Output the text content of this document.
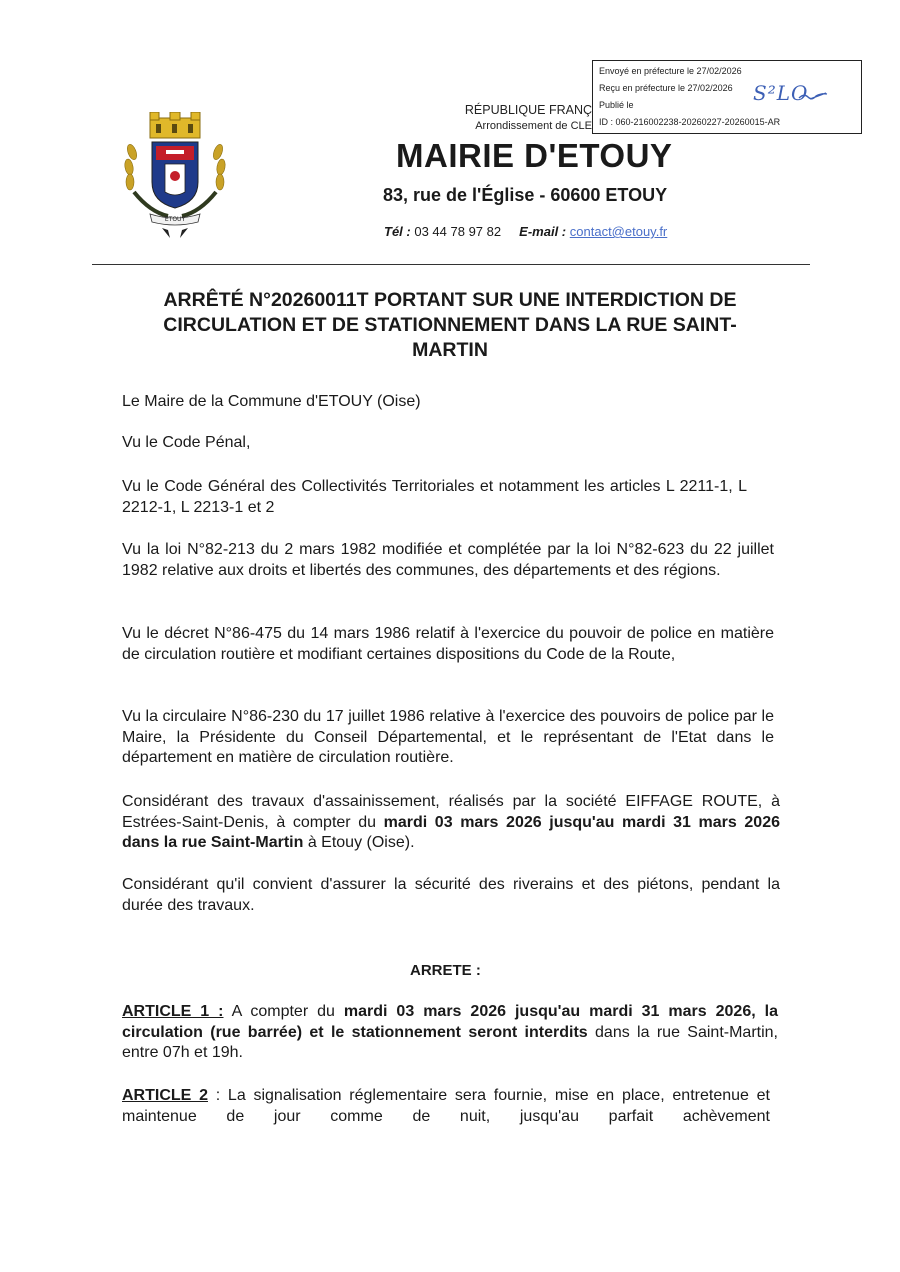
Envoyé en préfecture le 27/02/2026
Reçu en préfecture le 27/02/2026
Publié le
ID : 060-216002238-20260227-20260015-AR
S²LO
RÉPUBLIQUE FRANÇ
Arrondissement de CLE
ETOUY
MAIRIE D'ETOUY
83, rue de l'Église - 60600 ETOUY
Tél : 03 44 78 97 82 E-mail : contact@etouy.fr
ARRÊTÉ N°20260011T PORTANT SUR UNE INTERDICTION DE
CIRCULATION ET DE STATIONNEMENT DANS LA RUE SAINT-
MARTIN
Le Maire de la Commune d'ETOUY (Oise)
Vu le Code Pénal,
Vu le Code Général des Collectivités Territoriales et notamment les articles L 2211-1, L 2212-1, L 2213-1 et 2
Vu la loi N°82-213 du 2 mars 1982 modifiée et complétée par la loi N°82-623 du 22 juillet 1982 relative aux droits et libertés des communes, des départements et des régions.
Vu le décret N°86-475 du 14 mars 1986 relatif à l'exercice du pouvoir de police en matière de circulation routière et modifiant certaines dispositions du Code de la Route,
Vu la circulaire N°86-230 du 17 juillet 1986 relative à l'exercice des pouvoirs de police par le Maire, la Présidente du Conseil Départemental, et le représentant de l'Etat dans le département en matière de circulation routière.
Considérant des travaux d'assainissement, réalisés par la société EIFFAGE ROUTE, à Estrées-Saint-Denis, à compter du mardi 03 mars 2026 jusqu'au mardi 31 mars 2026 dans la rue Saint-Martin à Etouy (Oise).
Considérant qu'il convient d'assurer la sécurité des riverains et des piétons, pendant la durée des travaux.
ARRETE :
ARTICLE 1 : A compter du mardi 03 mars 2026 jusqu'au mardi 31 mars 2026, la circulation (rue barrée) et le stationnement seront interdits dans la rue Saint-Martin, entre 07h et 19h.
ARTICLE 2 : La signalisation réglementaire sera fournie, mise en place, entretenue et maintenue de jour comme de nuit, jusqu'au parfait achèvement
